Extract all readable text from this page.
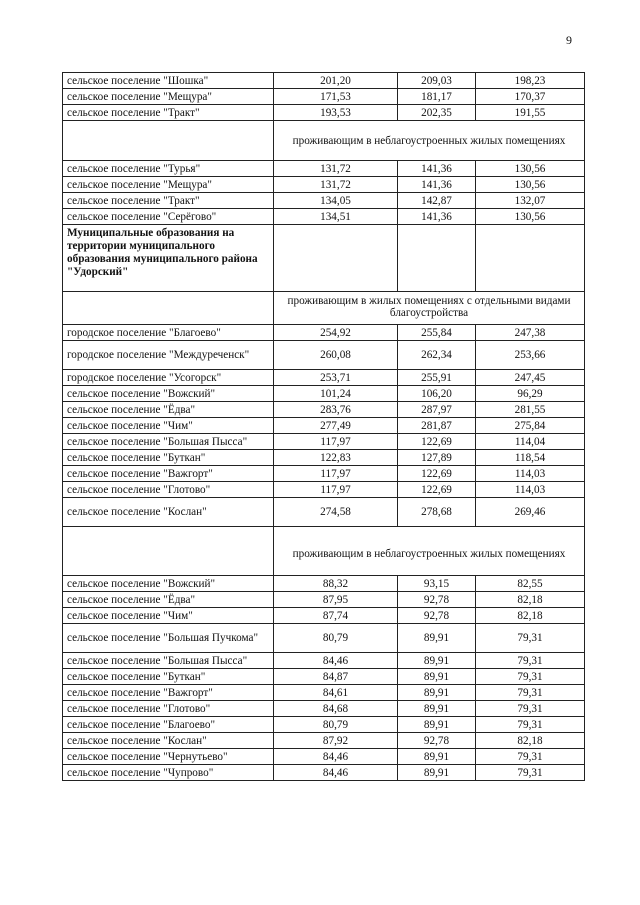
9
сельское поселение "Шошка"	201,20	209,03	198,23
сельское поселение "Мещура"	171,53	181,17	170,37
сельское поселение "Тракт"	193,53	202,35	191,55
	проживающим в неблагоустроенных жилых помещениях		
сельское поселение "Турья"	131,72	141,36	130,56
сельское поселение "Мещура"	131,72	141,36	130,56
сельское поселение "Тракт"	134,05	142,87	132,07
сельское поселение "Серёгово"	134,51	141,36	130,56
Муниципальные образования на территории муниципального образования муниципального района "Удорский"			
	проживающим в жилых помещениях с отдельными видами благоустройства		
городское поселение "Благоево"	254,92	255,84	247,38
городское поселение "Междуреченск"	260,08	262,34	253,66
городское поселение "Усогорск"	253,71	255,91	247,45
сельское поселение "Вожский"	101,24	106,20	96,29
сельское поселение "Ёдва"	283,76	287,97	281,55
сельское поселение "Чим"	277,49	281,87	275,84
сельское поселение "Большая Пысса"	117,97	122,69	114,04
сельское поселение "Буткан"	122,83	127,89	118,54
сельское поселение "Важгорт"	117,97	122,69	114,03
сельское поселение "Глотово"	117,97	122,69	114,03
сельское поселение "Кослан"	274,58	278,68	269,46
	проживающим в неблагоустроенных жилых помещениях		
сельское поселение "Вожский"	88,32	93,15	82,55
сельское поселение "Ёдва"	87,95	92,78	82,18
сельское поселение "Чим"	87,74	92,78	82,18
сельское поселение "Большая Пучкома"	80,79	89,91	79,31
сельское поселение "Большая Пысса"	84,46	89,91	79,31
сельское поселение "Буткан"	84,87	89,91	79,31
сельское поселение "Важгорт"	84,61	89,91	79,31
сельское поселение "Глотово"	84,68	89,91	79,31
сельское поселение "Благоево"	80,79	89,91	79,31
сельское поселение "Кослан"	87,92	92,78	82,18
сельское поселение "Чернутьево"	84,46	89,91	79,31
сельское поселение "Чупрово"	84,46	89,91	79,31
